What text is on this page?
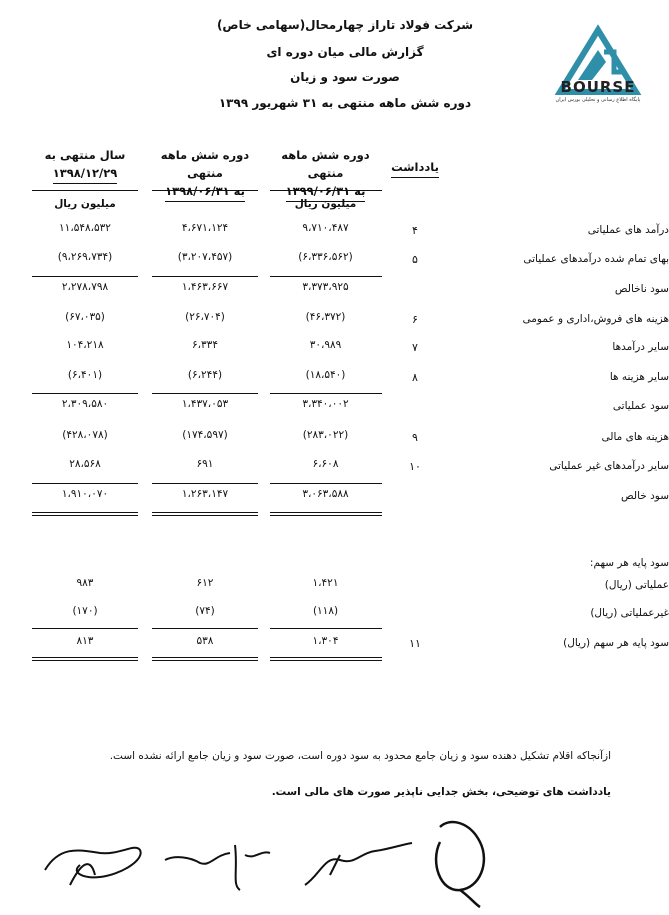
شرکت فولاد تاراز چهارمحال(سهامی خاص)
گزارش مالی میان دوره ای
صورت سود و زیان
دوره شش ماهه منتهی به ۳۱ شهریور ۱۳۹۹
BOURSE
پایگاه اطلاع رسانی و تحلیلی بورس ایران
یادداشت
دوره شش ماهه منتهی
به ۱۳۹۹/۰۶/۳۱
دوره شش ماهه منتهی
به ۱۳۹۸/۰۶/۳۱
سال منتهی به
۱۳۹۸/۱۲/۲۹
میلیون ریال
میلیون ریال
درآمد های عملیاتی
۴
۹،۷۱۰،۴۸۷
۴،۶۷۱،۱۲۴
۱۱،۵۴۸،۵۳۲
بهای تمام شده درآمدهای عملیاتی
۵
(۶،۳۳۶،۵۶۲)
(۳،۲۰۷،۴۵۷)
(۹،۲۶۹،۷۳۴)
سود ناخالص
۳،۳۷۳،۹۲۵
۱،۴۶۳،۶۶۷
۲،۲۷۸،۷۹۸
هزینه های فروش،اداری و عمومی
۶
(۴۶،۳۷۲)
(۲۶،۷۰۴)
(۶۷،۰۳۵)
سایر درآمدها
۷
۳۰،۹۸۹
۶،۳۳۴
۱۰۴،۲۱۸
سایر هزینه ها
۸
(۱۸،۵۴۰)
(۶،۲۴۴)
(۶،۴۰۱)
سود عملیاتی
۳،۳۴۰،۰۰۲
۱،۴۳۷،۰۵۳
۲،۳۰۹،۵۸۰
هزینه های مالی
۹
(۲۸۳،۰۲۲)
(۱۷۴،۵۹۷)
(۴۲۸،۰۷۸)
سایر درآمدهای غیر عملیاتی
۱۰
۶،۶۰۸
۶۹۱
۲۸،۵۶۸
سود خالص
۳،۰۶۳،۵۸۸
۱،۲۶۳،۱۴۷
۱،۹۱۰،۰۷۰
عملیاتی (ریال)
۱،۴۲۱
۶۱۲
۹۸۳
غیرعملیاتی (ریال)
(۱۱۸)
(۷۴)
(۱۷۰)
سود پایه هر سهم (ریال)
۱۱
۱،۳۰۴
۵۳۸
۸۱۳
سود پایه هر سهم:
ازآنجاکه اقلام تشکیل دهنده سود و زیان جامع محدود به سود دوره است، صورت سود و زیان جامع ارائه نشده است.
یادداشت های توضیحی، بخش جدایی ناپذیر صورت های مالی است.
